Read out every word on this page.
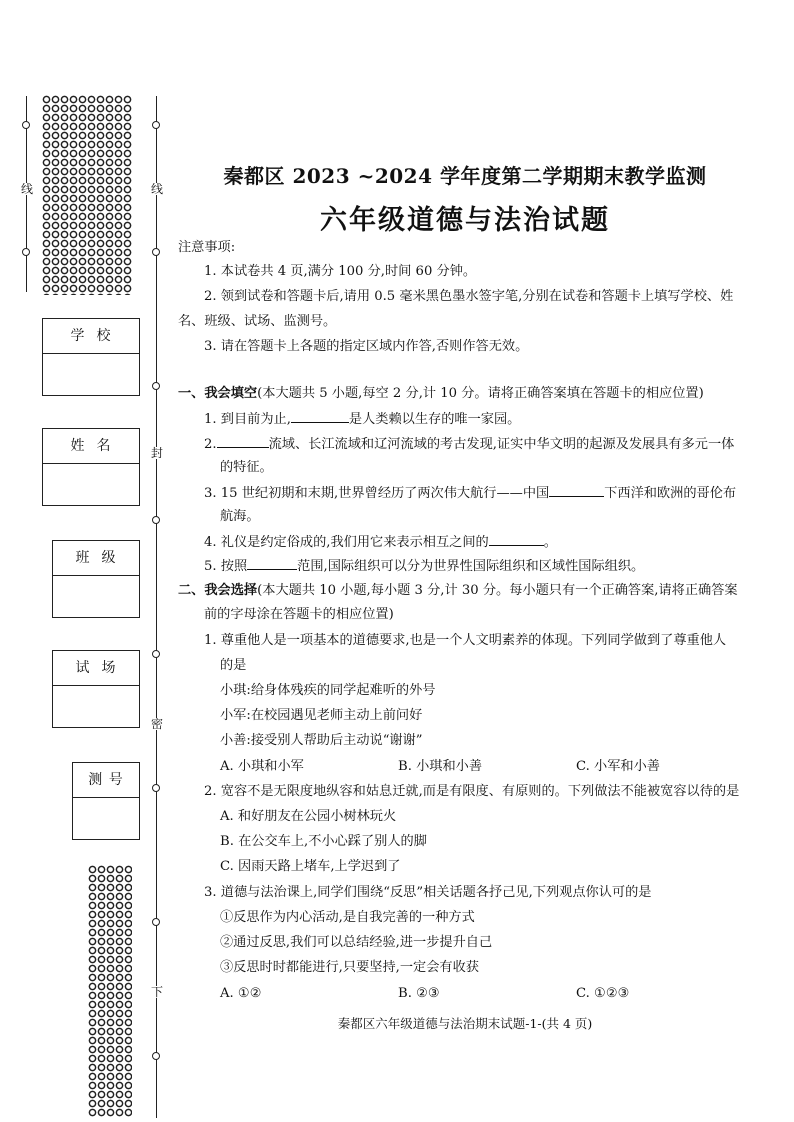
线	线
封
密
下
学  校
姓  名
班  级
试  场
测 号
秦都区 2023 ~2024 学年度第二学期期末教学监测
六年级道德与法治试题
注意事项:
1. 本试卷共 4 页,满分 100 分,时间 60 分钟。
2. 领到试卷和答题卡后,请用 0.5 毫米黑色墨水签字笔,分别在试卷和答题卡上填写学校、姓
名、班级、试场、监测号。
3. 请在答题卡上各题的指定区域内作答,否则作答无效。
一、我会填空(本大题共 5 小题,每空 2 分,计 10 分。请将正确答案填在答题卡的相应位置)
1. 到目前为止,	是人类赖以生存的唯一家园。
2.	流域、长江流域和辽河流域的考古发现,证实中华文明的起源及发展具有多元一体
的特征。
3. 15 世纪初期和末期,世界曾经历了两次伟大航行——中国	下西洋和欧洲的哥伦布
航海。
4. 礼仪是约定俗成的,我们用它来表示相互之间的	。
5. 按照	范围,国际组织可以分为世界性国际组织和区域性国际组织。
二、我会选择(本大题共 10 小题,每小题 3 分,计 30 分。每小题只有一个正确答案,请将正确答案
前的字母涂在答题卡的相应位置)
1. 尊重他人是一项基本的道德要求,也是一个人文明素养的体现。下列同学做到了尊重他人
的是
小琪:给身体残疾的同学起难听的外号
小军:在校园遇见老师主动上前问好
小善:接受别人帮助后主动说“谢谢”
A. 小琪和小军	B. 小琪和小善	C. 小军和小善
2. 宽容不是无限度地纵容和姑息迁就,而是有限度、有原则的。下列做法不能被宽容以待的是
A. 和好朋友在公园小树林玩火
B. 在公交车上,不小心踩了别人的脚
C. 因雨天路上堵车,上学迟到了
3. 道德与法治课上,同学们围绕“反思”相关话题各抒己见,下列观点你认可的是
①反思作为内心活动,是自我完善的一种方式
②通过反思,我们可以总结经验,进一步提升自己
③反思时时都能进行,只要坚持,一定会有收获
A. ①②	B. ②③	C. ①②③
秦都区六年级道德与法治期末试题-1-(共 4 页)
